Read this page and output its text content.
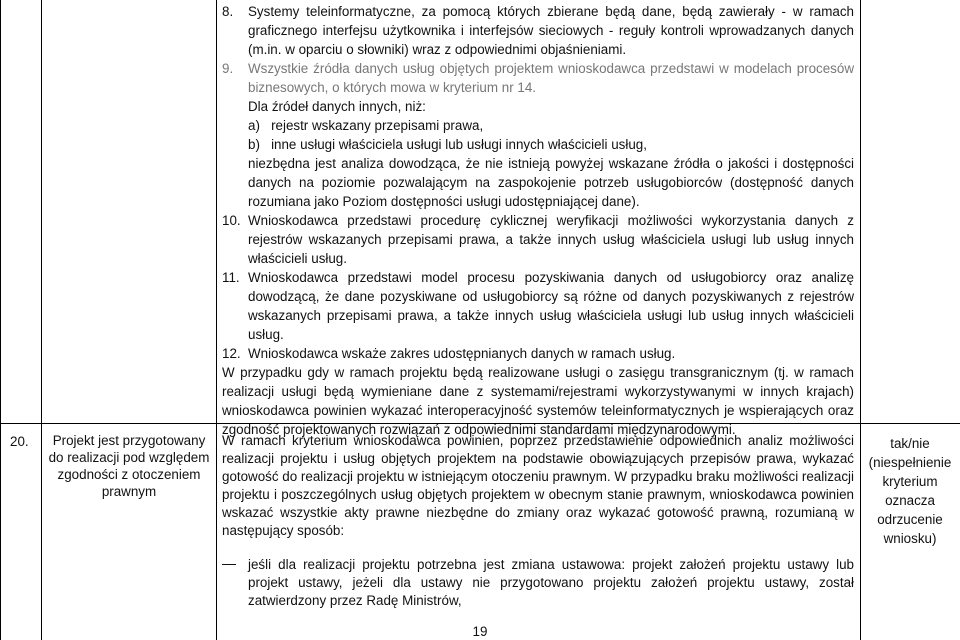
8. Systemy teleinformatyczne, za pomocą których zbierane będą dane, będą zawierały - w ramach graficznego interfejsu użytkownika i interfejsów sieciowych - reguły kontroli wprowadzanych danych (m.in. w oparciu o słowniki) wraz z odpowiednimi objaśnieniami.
9. Wszystkie źródła danych usług objętych projektem wnioskodawca przedstawi w modelach procesów biznesowych, o których mowa w kryterium nr 14.

Dla źródeł danych innych, niż:

a)   rejestr wskazany przepisami prawa,

b)   inne usługi właściciela usługi lub usługi innych właścicieli usług,

niezbędna jest analiza dowodząca, że nie istnieją powyżej wskazane źródła o jakości i dostępności danych na poziomie pozwalającym na zaspokojenie potrzeb usługobiorców (dostępność danych rozumiana jako Poziom dostępności usługi udostępniającej dane).

10. Wnioskodawca przedstawi procedurę cyklicznej weryfikacji możliwości wykorzystania danych z rejestrów wskazanych przepisami prawa, a także innych usług właściciela usługi lub usług innych właścicieli usług.
11. Wnioskodawca przedstawi model procesu pozyskiwania danych od usługobiorcy oraz analizę dowodzącą, że dane pozyskiwane od usługobiorcy są różne od danych pozyskiwanych z rejestrów wskazanych przepisami prawa, a także innych usług właściciela usługi lub usług innych właścicieli usług.
12. Wnioskodawca wskaże zakres udostępnianych danych w ramach usług.
W przypadku gdy w ramach projektu będą realizowane usługi o zasięgu transgranicznym (tj. w ramach realizacji usługi będą wymieniane dane z systemami/rejestrami wykorzystywanymi w innych krajach) wnioskodawca powinien wykazać interoperacyjność systemów teleinformatycznych je wspierających oraz zgodność projektowanych rozwiązań z odpowiednimi standardami międzynarodowymi.
20.	Projekt jest przygotowany do realizacji pod względem zgodności z otoczeniem prawnym

W ramach kryterium wnioskodawca powinien, poprzez przedstawienie odpowiednich analiz możliwości realizacji projektu i usług objętych projektem na podstawie obowiązujących przepisów prawa, wykazać gotowość do realizacji projektu w istniejącym otoczeniu prawnym. W przypadku braku możliwości realizacji projektu i poszczególnych usług objętych projektem w obecnym stanie prawnym, wnioskodawca powinien wskazać wszystkie akty prawne niezbędne do zmiany oraz wykazać gotowość prawną, rozumianą w następujący sposób:

jeśli dla realizacji projektu potrzebna jest zmiana ustawowa: projekt założeń projektu ustawy lub projekt ustawy, jeżeli dla ustawy nie przygotowano projektu założeń projektu ustawy, został zatwierdzony przez Radę Ministrów,

tak/nie (niespełnienie kryterium oznacza odrzucenie wniosku)
19
